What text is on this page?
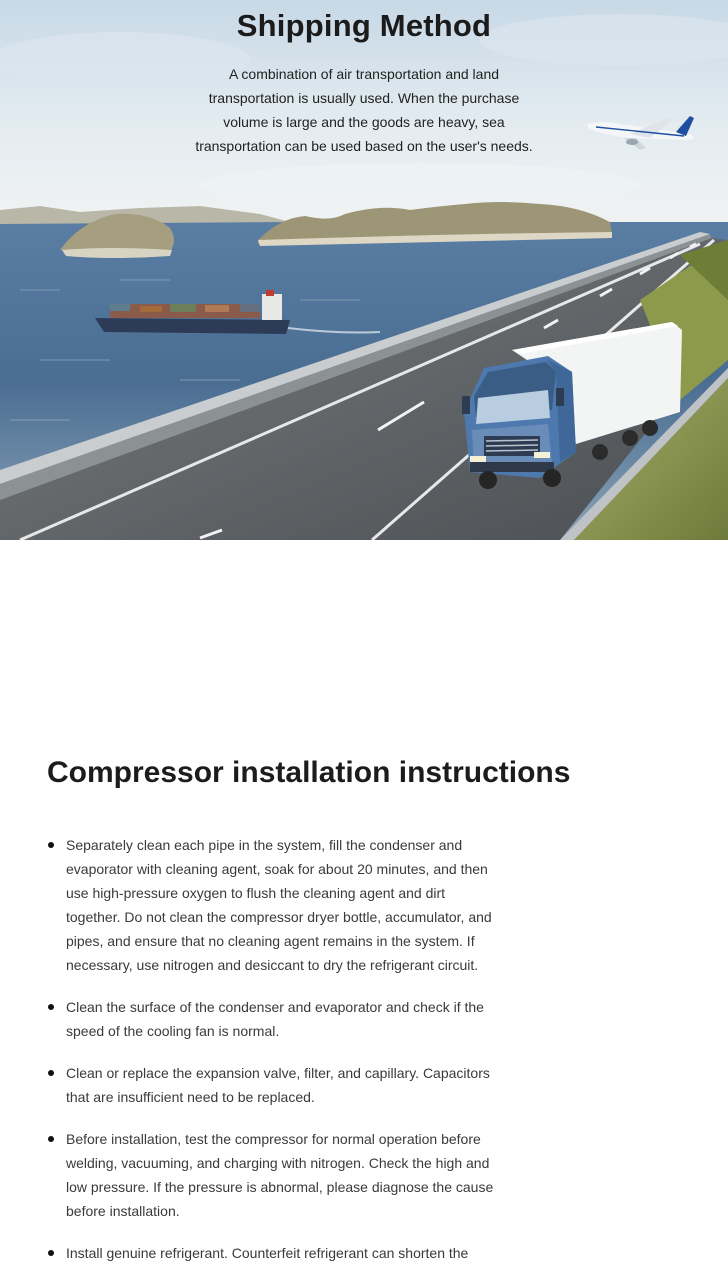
Shipping Method

A combination of air transportation and land transportation is usually used. When the purchase volume is large and the goods are heavy, sea transportation can be used based on the user's needs.

Compressor installation instructions
Separately clean each pipe in the system, fill the condenser and evaporator with cleaning agent, soak for about 20 minutes, and then use high-pressure oxygen to flush the cleaning agent and dirt together. Do not clean the compressor dryer bottle, accumulator, and pipes, and ensure that no cleaning agent remains in the system. If necessary, use nitrogen and desiccant to dry the refrigerant circuit.
Clean the surface of the condenser and evaporator and check if the speed of the cooling fan is normal.
Clean or replace the expansion valve, filter, and capillary. Capacitors that are insufficient need to be replaced.
Before installation, test the compressor for normal operation before welding, vacuuming, and charging with nitrogen. Check the high and low pressure. If the pressure is abnormal, please diagnose the cause before installation.
Install genuine refrigerant. Counterfeit refrigerant can shorten the
